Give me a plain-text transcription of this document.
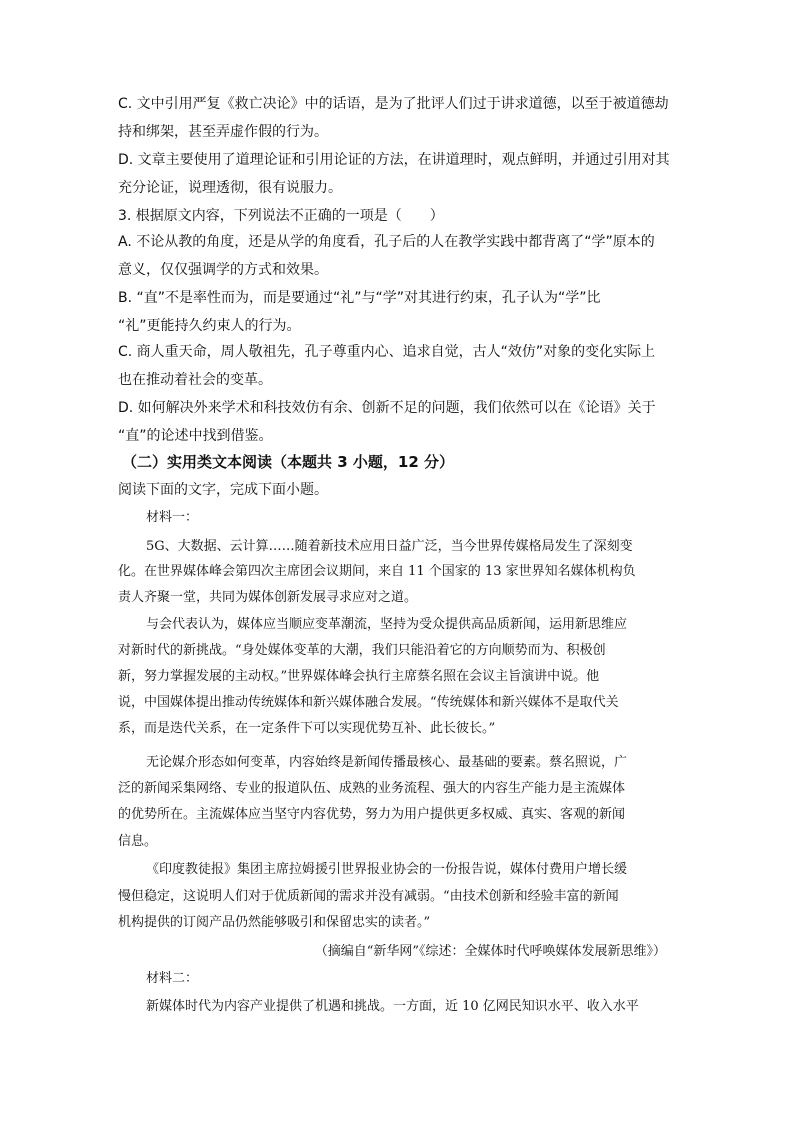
C. 文中引用严复《救亡决论》中的话语，是为了批评人们过于讲求道德，以至于被道德劫
持和绑架，甚至弄虚作假的行为。
D. 文章主要使用了道理论证和引用论证的方法，在讲道理时，观点鲜明，并通过引用对其
充分论证，说理透彻，很有说服力。
3. 根据原文内容，下列说法不正确的一项是（　　）
A. 不论从教的角度，还是从学的角度看，孔子后的人在教学实践中都背离了“学”原本的
意义，仅仅强调学的方式和效果。
B. “直”不是率性而为，而是要通过“礼”与“学”对其进行约束，孔子认为“学”比
“礼”更能持久约束人的行为。
C. 商人重天命，周人敬祖先，孔子尊重内心、追求自觉，古人“效仿”对象的变化实际上
也在推动着社会的变革。
D. 如何解决外来学术和科技效仿有余、创新不足的问题，我们依然可以在《论语》关于
“直”的论述中找到借鉴。
（二）实用类文本阅读（本题共 3 小题，12 分）
阅读下面的文字，完成下面小题。
材料一：
5G、大数据、云计算……随着新技术应用日益广泛，当今世界传媒格局发生了深刻变
化。在世界媒体峰会第四次主席团会议期间，来自 11 个国家的 13 家世界知名媒体机构负
责人齐聚一堂，共同为媒体创新发展寻求应对之道。
与会代表认为，媒体应当顺应变革潮流，坚持为受众提供高品质新闻，运用新思维应
对新时代的新挑战。“身处媒体变革的大潮，我们只能沿着它的方向顺势而为、积极创
新，努力掌握发展的主动权。”世界媒体峰会执行主席蔡名照在会议主旨演讲中说。他
说，中国媒体提出推动传统媒体和新兴媒体融合发展。“传统媒体和新兴媒体不是取代关
系，而是迭代关系，在一定条件下可以实现优势互补、此长彼长。”
无论媒介形态如何变革，内容始终是新闻传播最核心、最基础的要素。蔡名照说，广
泛的新闻采集网络、专业的报道队伍、成熟的业务流程、强大的内容生产能力是主流媒体
的优势所在。主流媒体应当坚守内容优势，努力为用户提供更多权威、真实、客观的新闻
信息。
《印度教徒报》集团主席拉姆援引世界报业协会的一份报告说，媒体付费用户增长缓
慢但稳定，这说明人们对于优质新闻的需求并没有减弱。“由技术创新和经验丰富的新闻
机构提供的订阅产品仍然能够吸引和保留忠实的读者。”
（摘编自“新华网”《综述：全媒体时代呼唤媒体发展新思维》）
材料二：
新媒体时代为内容产业提供了机遇和挑战。一方面，近 10 亿网民知识水平、收入水平
